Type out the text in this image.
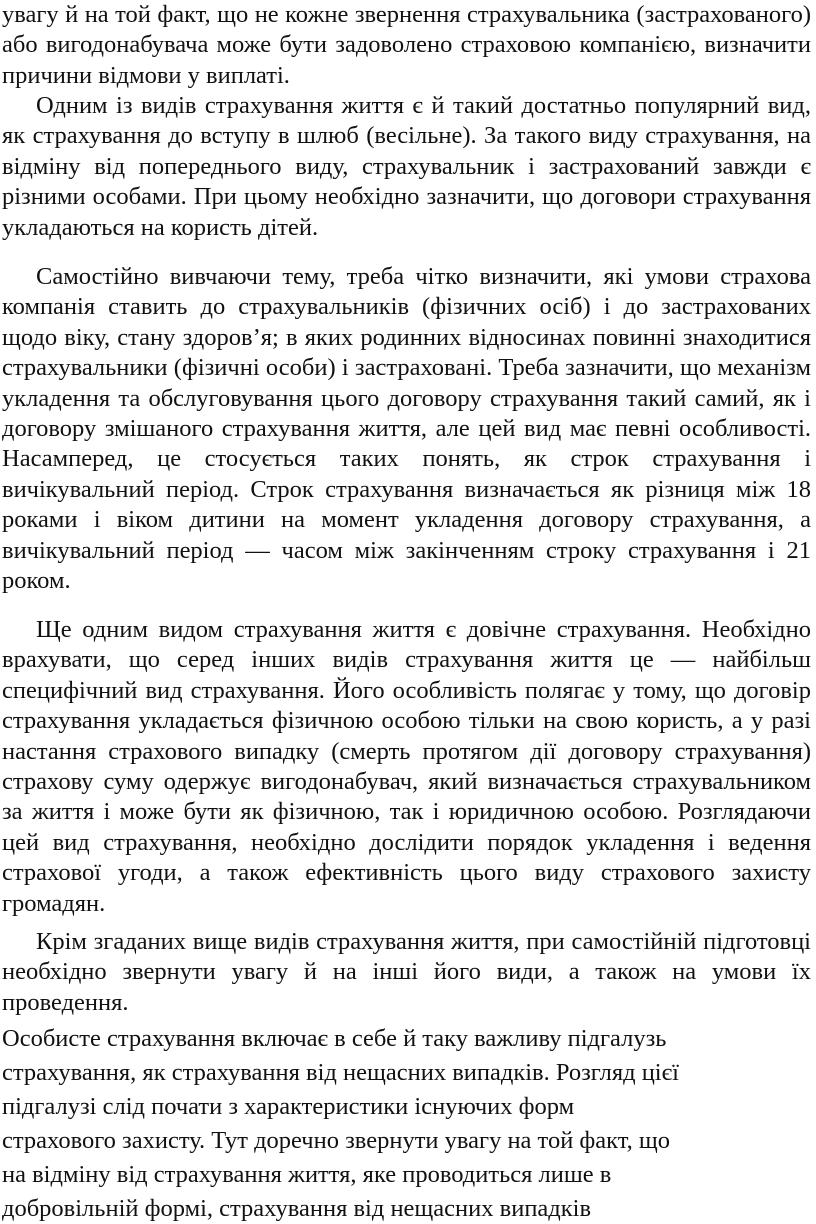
увагу й на той факт, що не кожне звернення страхувальника (застрахованого) або вигодонабувача може бути задоволено страховою компанією, визначити причини відмови у виплаті.

Одним із видів страхування життя є й такий достатньо популярний вид, як страхування до вступу в шлюб (весільне). За такого виду страхування, на відміну від попереднього виду, страхувальник і застрахований завжди є різними особами. При цьому необхідно зазначити, що договори страхування укладаються на користь дітей.

Самостійно вивчаючи тему, треба чітко визначити, які умови страхова компанія ставить до страхувальників (фізичних осіб) і до застрахованих щодо віку, стану здоров’я; в яких родинних відносинах повинні знаходитися страхувальники (фізичні особи) і застраховані. Треба зазначити, що механізм укладення та обслуговування цього договору страхування такий самий, як і договору змішаного страхування життя, але цей вид має певні особливості. Насамперед, це стосується таких понять, як строк страхування і вичікувальний період. Строк страхування визначається як різниця між 18 роками і віком дитини на момент укладення договору страхування, а вичікувальний період — часом між закінченням строку страхування і 21 роком.

Ще одним видом страхування життя є довічне страхування. Необхідно врахувати, що серед інших видів страхування життя це — найбільш специфічний вид страхування. Його особливість полягає у тому, що договір страхування укладається фізичною особою тільки на свою користь, а у разі настання страхового випадку (смерть протягом дії договору страхування) страхову суму одержує вигодонабувач, який визначається страхувальником за життя і може бути як фізичною, так і юридичною особою. Розглядаючи цей вид страхування, необхідно дослідити порядок укладення і ведення страхової угоди, а також ефективність цього виду страхового захисту громадян.

Крім згаданих вище видів страхування життя, при самостійній підготовці необхідно звернути увагу й на інші його види, а також на умови їх проведення.

Особисте страхування включає в себе й таку важливу підгалузь
страхування, як страхування від нещасних випадків. Розгляд цієї
підгалузі слід почати з характеристики існуючих форм
страхового захисту. Тут доречно звернути увагу на той факт, що
на відміну від страхування життя, яке проводиться лише в
добровільній формі, страхування від нещасних випадків
